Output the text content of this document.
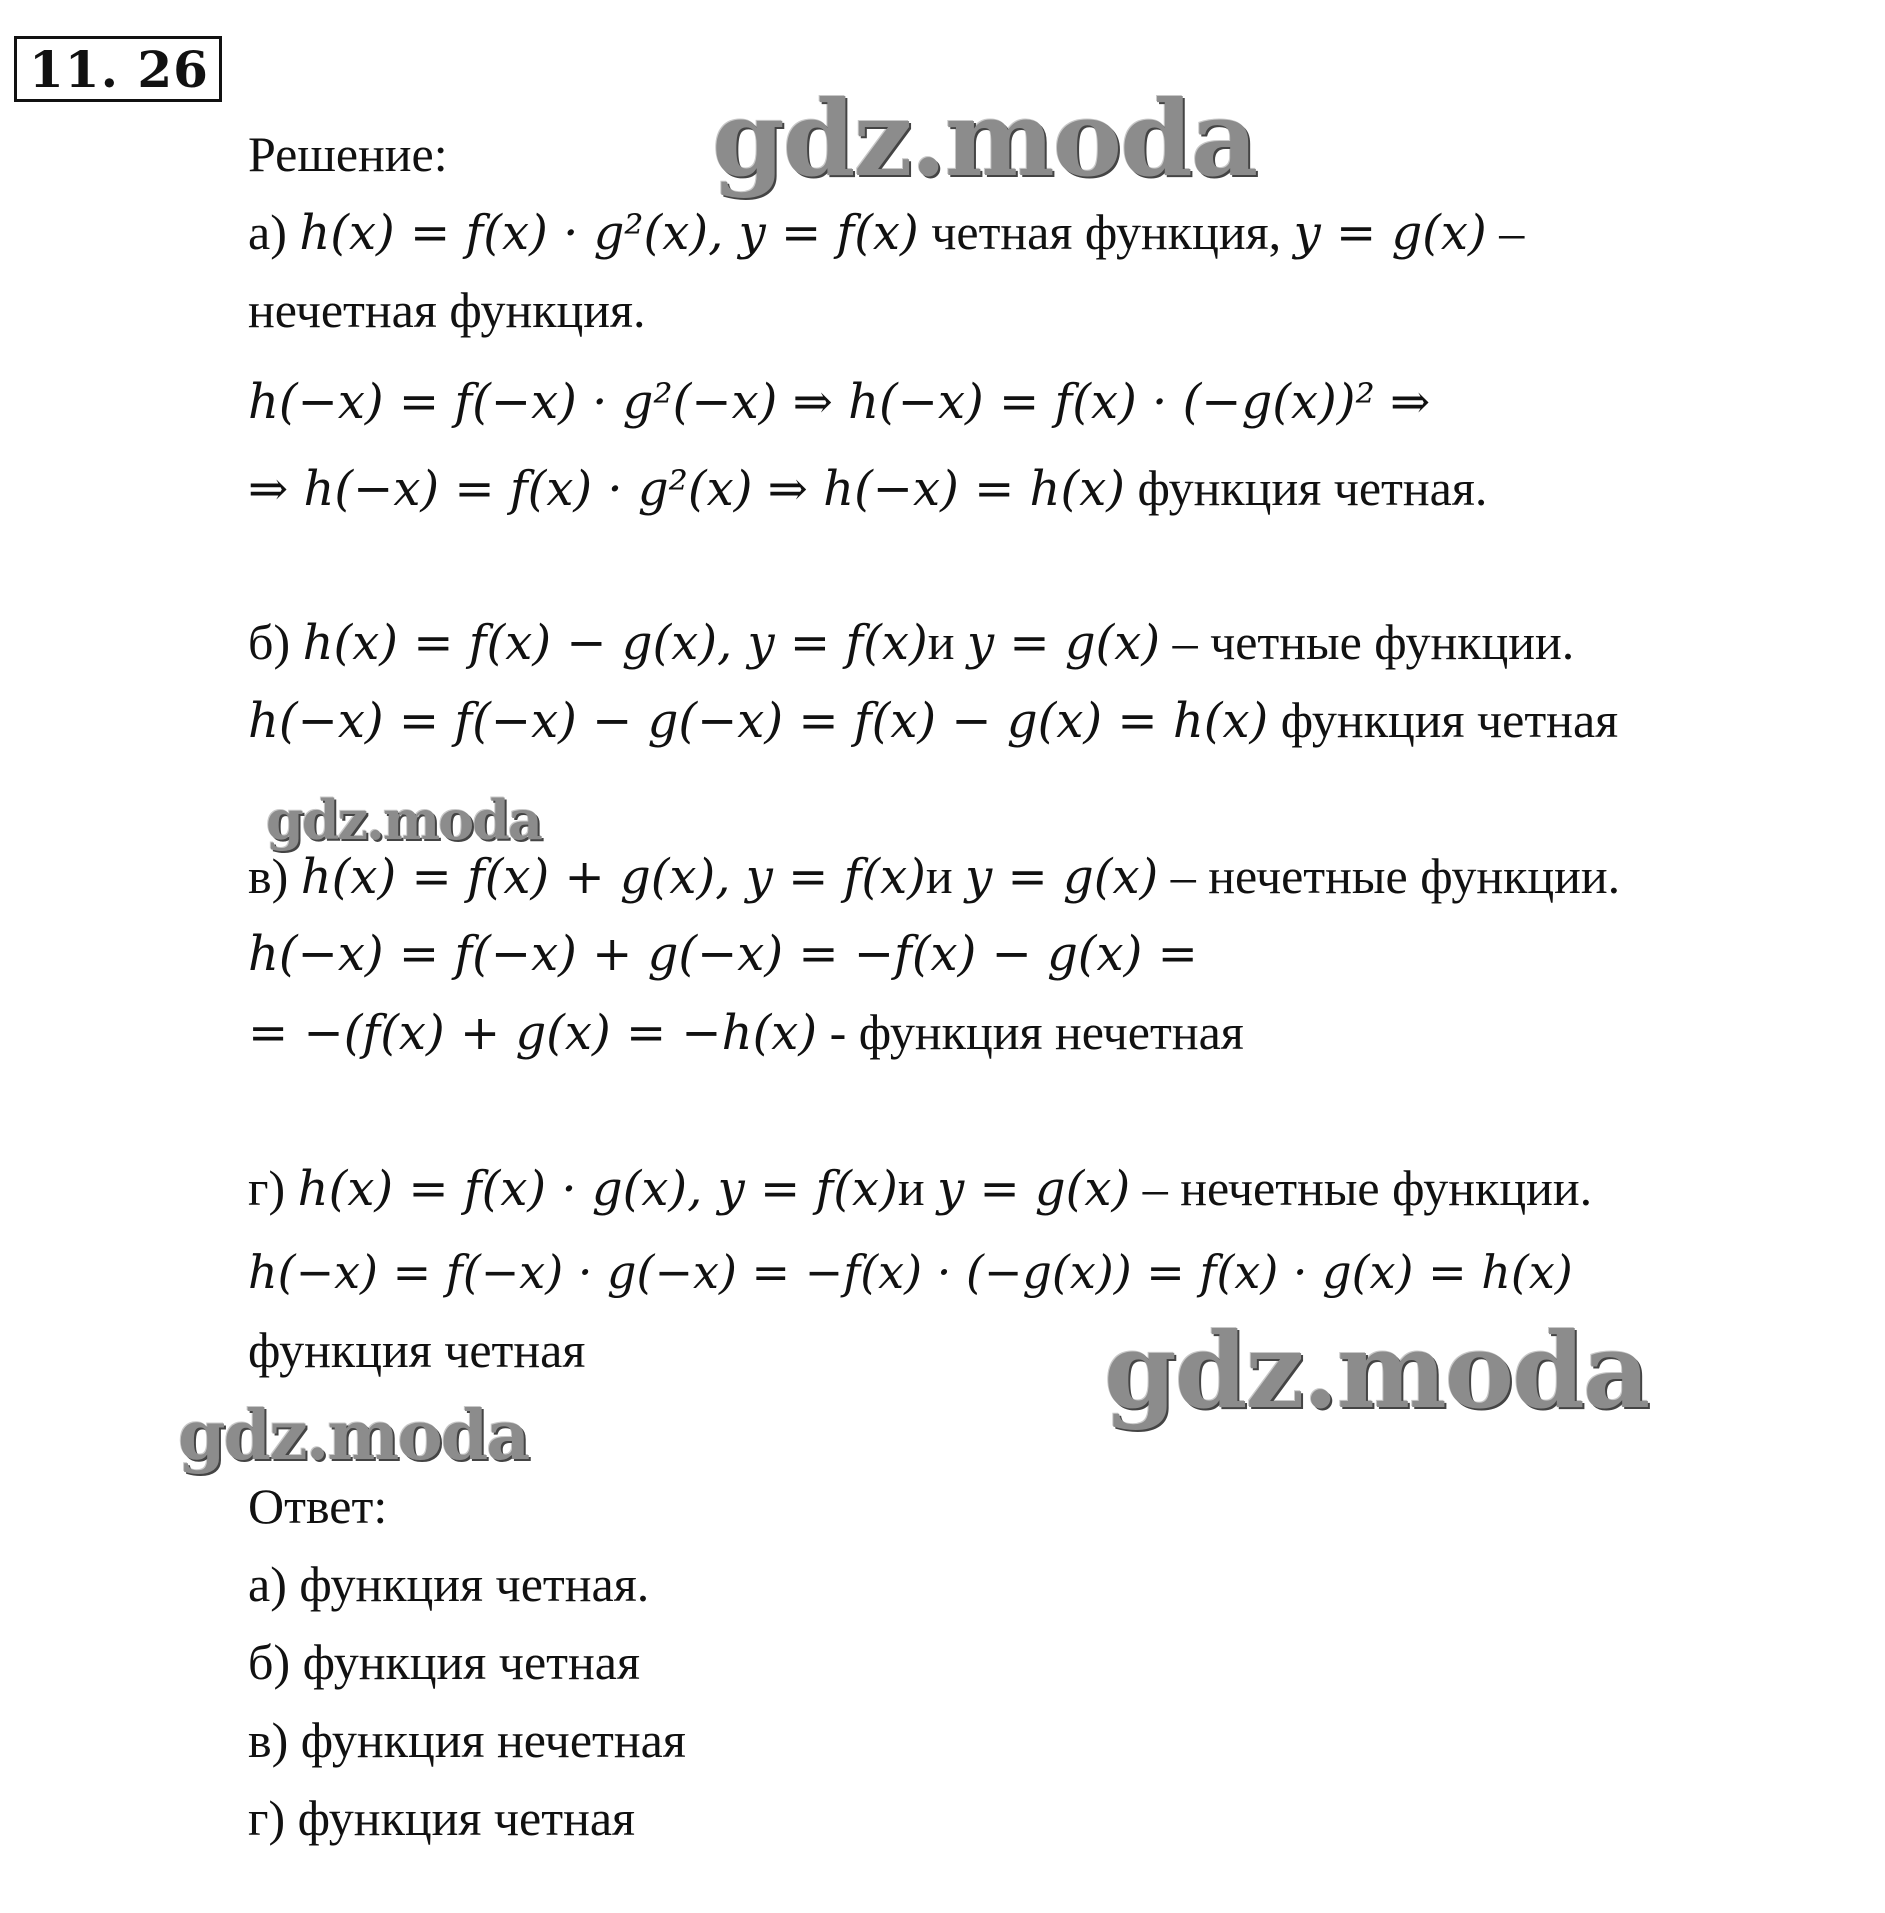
11. 26
gdz.moda
gdz.moda
gdz.moda
gdz.moda
Решение:
а) h(x) = f(x) · g²(x), y = f(x) четная функция, y = g(x) –
нечетная функция.
h(−x) = f(−x) · g²(−x) ⇒ h(−x) = f(x) · (−g(x))² ⇒
⇒ h(−x) = f(x) · g²(x) ⇒ h(−x) = h(x) функция четная.
б) h(x) = f(x) − g(x), y = f(x)и y = g(x) – четные функции.
h(−x) = f(−x) − g(−x) = f(x) − g(x) = h(x) функция четная
в) h(x) = f(x) + g(x), y = f(x)и y = g(x) – нечетные функции.
h(−x) = f(−x) + g(−x) = −f(x) − g(x) =
= −(f(x) + g(x) = −h(x) - функция нечетная
г) h(x) = f(x) · g(x), y = f(x)и y = g(x) – нечетные функции.
h(−x) = f(−x) · g(−x) = −f(x) · (−g(x)) = f(x) · g(x) = h(x)
функция четная
Ответ:
а) функция четная.
б) функция четная
в) функция нечетная
г) функция четная
